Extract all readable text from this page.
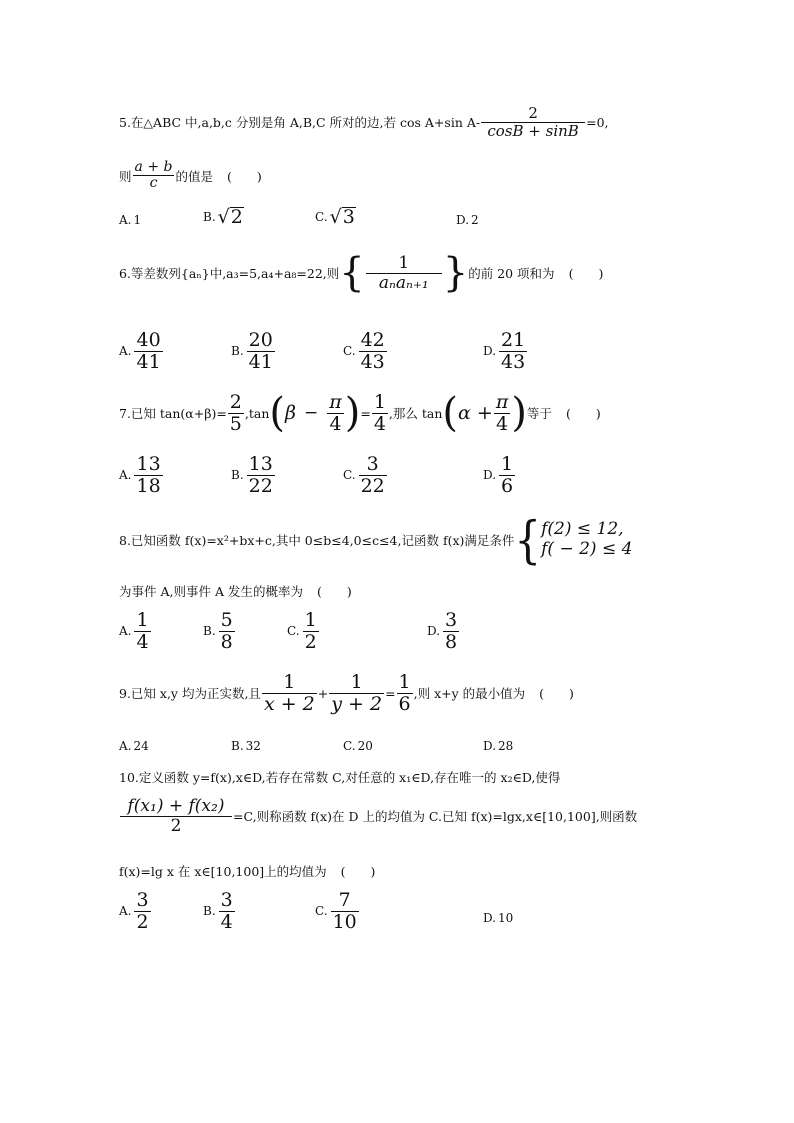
5.在△ABC 中,a,b,c 分别是角 A,B,C 所对的边,若 cos A+sin $A- \frac{2}{\cos B + \sin B} =0$,
则 $\frac{a + b}{c}$ 的值是 (　　)
A. 1	B. √ 2	C. √ 3	D. 2
6.等差数列{aₙ}中,a₃=5,a₄+a₈=22,则 { $\frac{1}{\text{aₙaₙ₊₁}}$ } 的前 20 项和为 (　　)
A. $\frac{40}{41}$	B. $\frac{20}{41}$	C. $\frac{42}{43}$	D. $\frac{21}{43}$
7.已知 $\tan(\alpha+\beta)= \frac{2}{5} ,\tan$ ( $\beta - \frac{\pi}{4}$ ) = $\frac{1}{4}$ ,那么 tan ( $\alpha + \frac{\pi}{4}$ ) 等于 (　　)
A. $\frac{13}{18}$	B. $\frac{13}{22}$	C. $\frac{3}{22}$	D. $\frac{1}{6}$
8.已知函数 f(x)=x²+bx+c,其中 0≤b≤4,0≤c≤4,记函数 f(x)满足条件 { f(2) ≤ 12,
f( − 2) ≤ 4
为事件 A,则事件 A 发生的概率为 (　　)
A. $\frac{1}{4}$	B. $\frac{5}{8}$	C. $\frac{1}{2}$	D. $\frac{3}{8}$
9.已知 x,y 均为正实数,且 $\frac{1}{x + 2} + \frac{1}{y + 2} = \frac{1}{6}$ ,则 x+y 的最小值为 (　　)
A. 24	B. 32	C. 20	D. 28
10.定义函数 y=f(x),x∈D,若存在常数 C,对任意的 x₁∈D,存在唯一的 x₂∈D,使得
$\frac{\text{f(x₁) + f(x₂)}}{2} =C$,则称函数 f(x)在 D 上的均值为 C.已知 f(x)=lgx,x∈[10,100],则函数
f(x)=lg x 在 x∈[10,100]上的均值为 (　　)
A. $\frac{3}{2}$	B. $\frac{3}{4}$	C. $\frac{7}{10}$	D. 10
